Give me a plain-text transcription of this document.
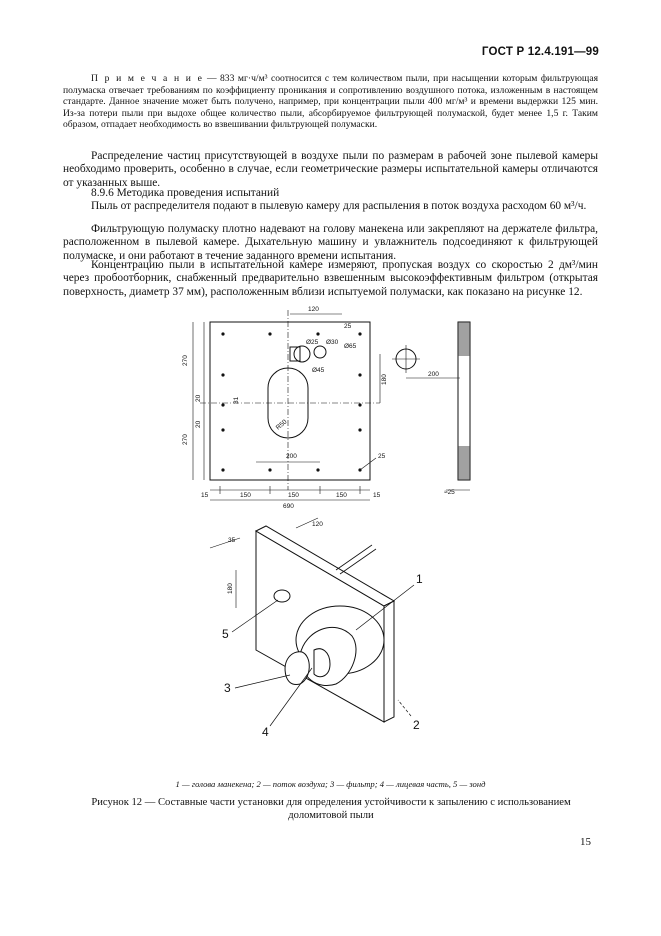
ГОСТ Р 12.4.191—99
П р и м е ч а н и е — 833 мг·ч/м³ соотносится с тем количеством пыли, при насыщении которым фильтрующая полумаска отвечает требованиям по коэффициенту проникания и сопротивлению воздушного потока, изложенным в настоящем стандарте. Данное значение может быть получено, например, при концентрации пыли 400 мг/м³ и времени выдержки 125 мин. Из-за потери пыли при выдохе общее количество пыли, абсорбируемое фильтрующей полумаской, будет менее 1,5 г. Таким образом, отпадает необходимость во взвешивании фильтрующей полумаски.
Распределение частиц присутствующей в воздухе пыли по размерам в рабочей зоне пылевой камеры необходимо проверить, особенно в случае, если геометрические размеры испытательной камеры отличаются от указанных выше.
8.9.6 Методика проведения испытаний
Пыль от распределителя подают в пылевую камеру для распыления в поток воздуха расходом 60 м³/ч.
Фильтрующую полумаску плотно надевают на голову манекена или закрепляют на держателе фильтра, расположенном в пылевой камере. Дыхательную машину и увлажнитель подсоединяют к фильтрующей полумаске, и они работают в течение заданного времени испытания.
Концентрацию пыли в испытательной камере измеряют, пропуская воздух со скоростью 2 дм³/мин через пробоотборник, снабженный предварительно взвешенным высокоэффективным фильтром (открытая поверхность, диаметр 37 мм), расположенным вблизи испытуемой полумаски, как показано на рисунке 12.
120
25
Ø25 Ø30
Ø65
Ø45
270
270
20
20
31
180
R50
200	25
200
15	150	150	150	15
690
≈25
120
35
180
1
2
3
4
5
1 — голова манекена; 2 — поток воздуха; 3 — фильтр; 4 — лицевая часть, 5 — зонд
Рисунок 12 — Составные части установки для определения устойчивости к запылению с использованием доломитовой пыли
15
